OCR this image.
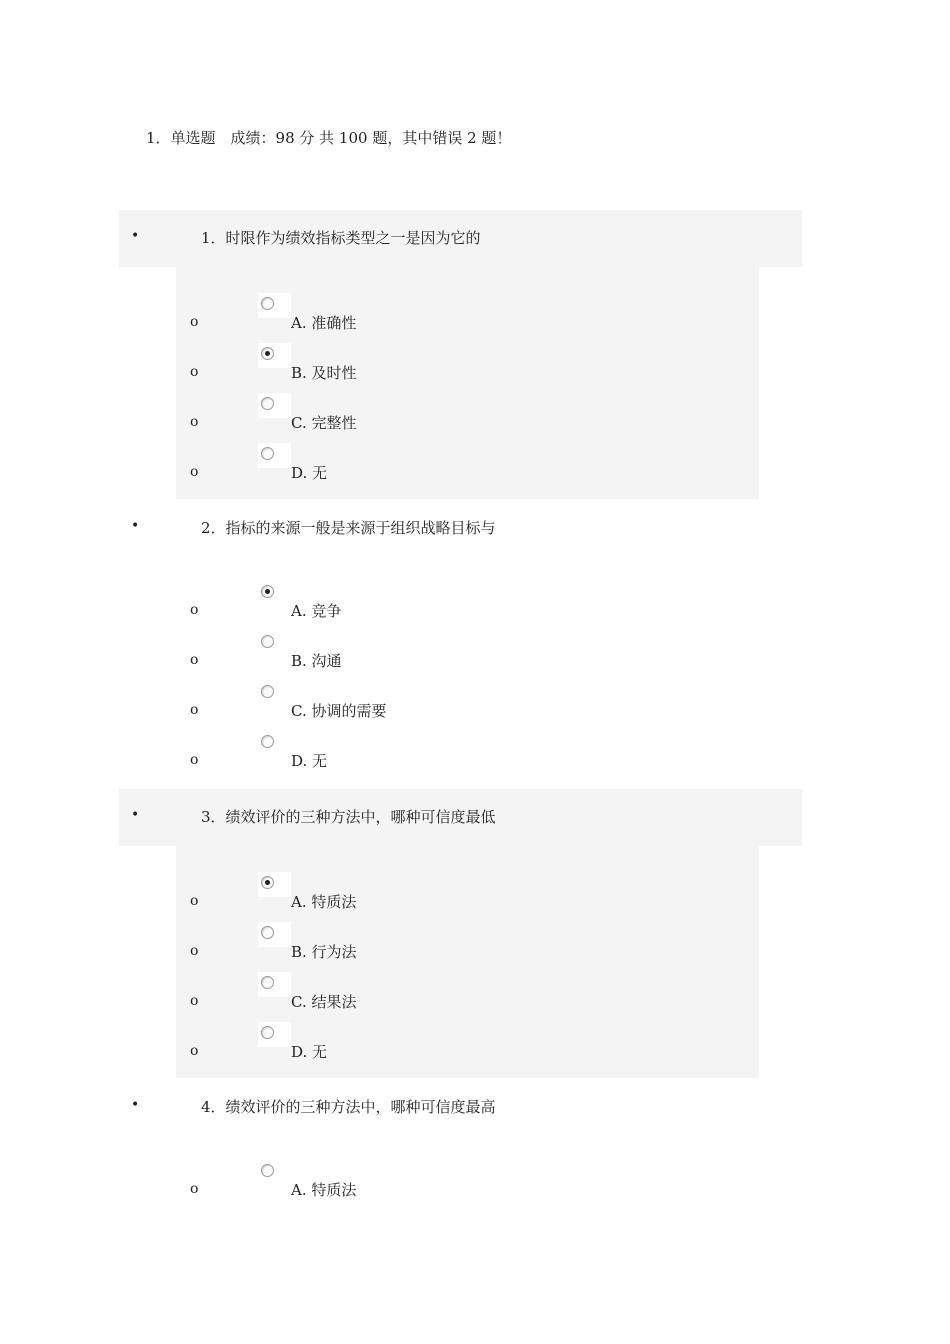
1．单选题　成绩：98 分 共 100 题，其中错误 2 题！
•	1．时限作为绩效指标类型之一是因为它的
o	A. 准确性
o	B. 及时性
o	C. 完整性
o	D. 无
•	2．指标的来源一般是来源于组织战略目标与
o	A. 竞争
o	B. 沟通
o	C. 协调的需要
o	D. 无
•	3．绩效评价的三种方法中，哪种可信度最低
o	A. 特质法
o	B. 行为法
o	C. 结果法
o	D. 无
•	4．绩效评价的三种方法中，哪种可信度最高
o	A. 特质法
